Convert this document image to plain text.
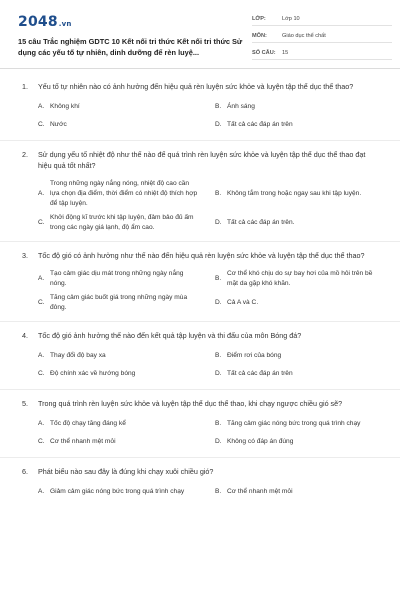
2048.vn
15 câu Trắc nghiệm GDTC 10 Kết nối tri thức Kết nối tri thức Sử dụng các yếu tố tự nhiên, dinh dưỡng để rèn luyệ...
LỚP:	Lớp 10
MÔN:	Giáo dục thể chất
SỐ CÂU:	15
1.	Yếu tố tự nhiên nào có ảnh hưởng đến hiệu quả rèn luyện sức khỏe và luyện tập thể dục thể thao?
A. Không khí	B. Ánh sáng
C. Nước	D. Tất cả các đáp án trên
2.	Sử dụng yếu tố nhiệt độ như thế nào để quá trình rèn luyện sức khỏe và luyện tập thể dục thể thao đạt hiệu quả tốt nhất?
A.
Trong những ngày nắng nóng, nhiệt độ cao cần lựa chọn địa điểm, thời điểm có nhiệt độ thích hợp để tập luyện.
B. Không tắm trong hoặc ngay sau khi tập luyện.
C.
Khởi động kĩ trước khi tập luyện, đảm bảo đủ ấm trong các ngày giá lạnh, độ ẩm cao.
D. Tất cả các đáp án trên.
3.	Tốc độ gió có ảnh hưởng như thế nào đến hiệu quả rèn luyện sức khỏe và luyện tập thể dục thể thao?
A.
Tạo cảm giác dịu mát trong những ngày nắng nóng.
B.
Cơ thể khó chịu do sự bay hơi của mồ hôi trên bề mặt da gặp khó khăn.
C.
Tăng cảm giác buốt giá trong những ngày mùa đông.
D. Cả A và C.
4.	Tốc độ gió ảnh hưởng thế nào đến kết quả tập luyện và thi đấu của môn Bóng đá?
A. Thay đổi độ bay xa	B. Điểm rơi của bóng
C. Độ chính xác về hướng bóng	D. Tất cả các đáp án trên
5.	Trong quá trình rèn luyện sức khỏe và luyện tập thể dục thể thao, khi chạy ngược chiều gió sẽ?
A. Tốc độ chạy tăng đáng kể	B. Tăng cảm giác nóng bức trong quá trình chạy
C. Cơ thể nhanh mệt mỏi	D. Không có đáp án đúng
6.	Phát biểu nào sau đây là đúng khi chạy xuôi chiều gió?
A. Giảm cảm giác nóng bức trong quá trình chạy	B. Cơ thể nhanh mệt mỏi
